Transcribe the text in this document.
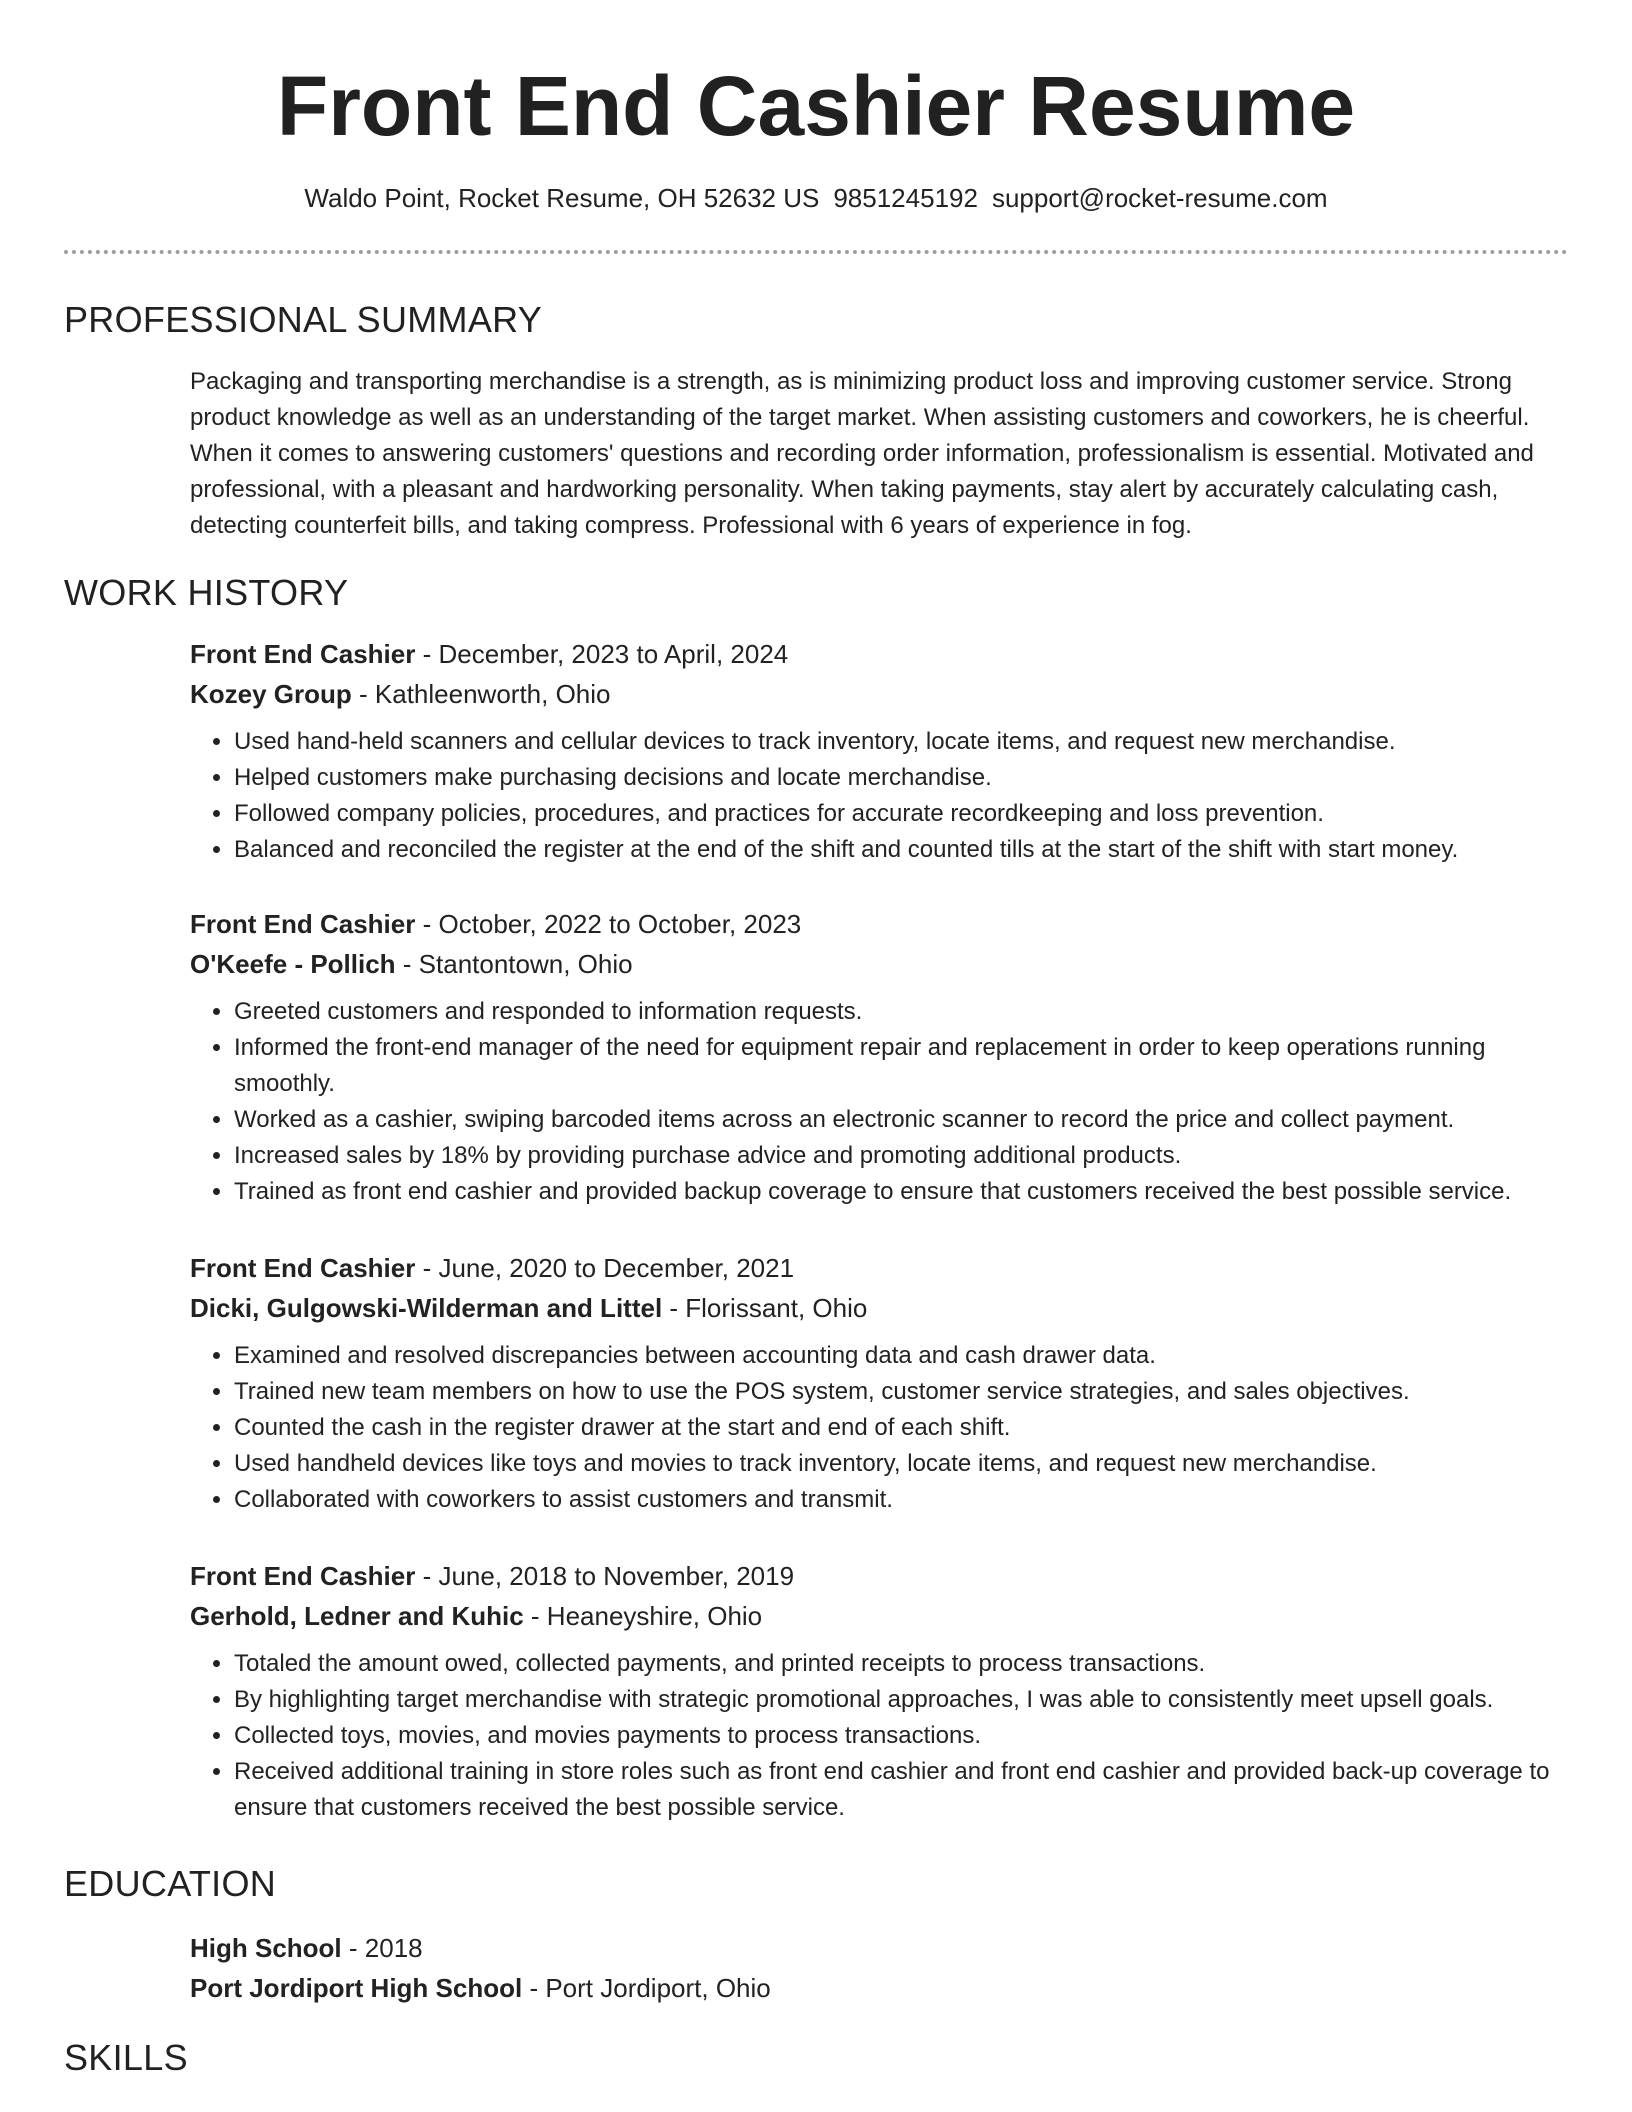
Front End Cashier Resume
Waldo Point, Rocket Resume, OH 52632 US 9851245192 support@rocket-resume.com
PROFESSIONAL SUMMARY

Packaging and transporting merchandise is a strength, as is minimizing product loss and improving customer service. Strong product knowledge as well as an understanding of the target market. When assisting customers and coworkers, he is cheerful. When it comes to answering customers' questions and recording order information, professionalism is essential. Motivated and professional, with a pleasant and hardworking personality. When taking payments, stay alert by accurately calculating cash, detecting counterfeit bills, and taking compress. Professional with 6 years of experience in fog.

WORK HISTORY

Front End Cashier - December, 2023 to April, 2024

Kozey Group - Kathleenworth, Ohio

• Used hand-held scanners and cellular devices to track inventory, locate items, and request new merchandise.
• Helped customers make purchasing decisions and locate merchandise.
• Followed company policies, procedures, and practices for accurate recordkeeping and loss prevention.
• Balanced and reconciled the register at the end of the shift and counted tills at the start of the shift with start money.

Front End Cashier - October, 2022 to October, 2023

O'Keefe - Pollich - Stantontown, Ohio

• Greeted customers and responded to information requests.
• Informed the front-end manager of the need for equipment repair and replacement in order to keep operations running smoothly.
• Worked as a cashier, swiping barcoded items across an electronic scanner to record the price and collect payment.
• Increased sales by 18% by providing purchase advice and promoting additional products.
• Trained as front end cashier and provided backup coverage to ensure that customers received the best possible service.

Front End Cashier - June, 2020 to December, 2021

Dicki, Gulgowski-Wilderman and Littel - Florissant, Ohio

• Examined and resolved discrepancies between accounting data and cash drawer data.
• Trained new team members on how to use the POS system, customer service strategies, and sales objectives.
• Counted the cash in the register drawer at the start and end of each shift.
• Used handheld devices like toys and movies to track inventory, locate items, and request new merchandise.
• Collaborated with coworkers to assist customers and transmit.

Front End Cashier - June, 2018 to November, 2019

Gerhold, Ledner and Kuhic - Heaneyshire, Ohio

• Totaled the amount owed, collected payments, and printed receipts to process transactions.
• By highlighting target merchandise with strategic promotional approaches, I was able to consistently meet upsell goals.
• Collected toys, movies, and movies payments to process transactions.
• Received additional training in store roles such as front end cashier and front end cashier and provided back-up coverage to ensure that customers received the best possible service.
EDUCATION

High School - 2018

Port Jordiport High School - Port Jordiport, Ohio

SKILLS
